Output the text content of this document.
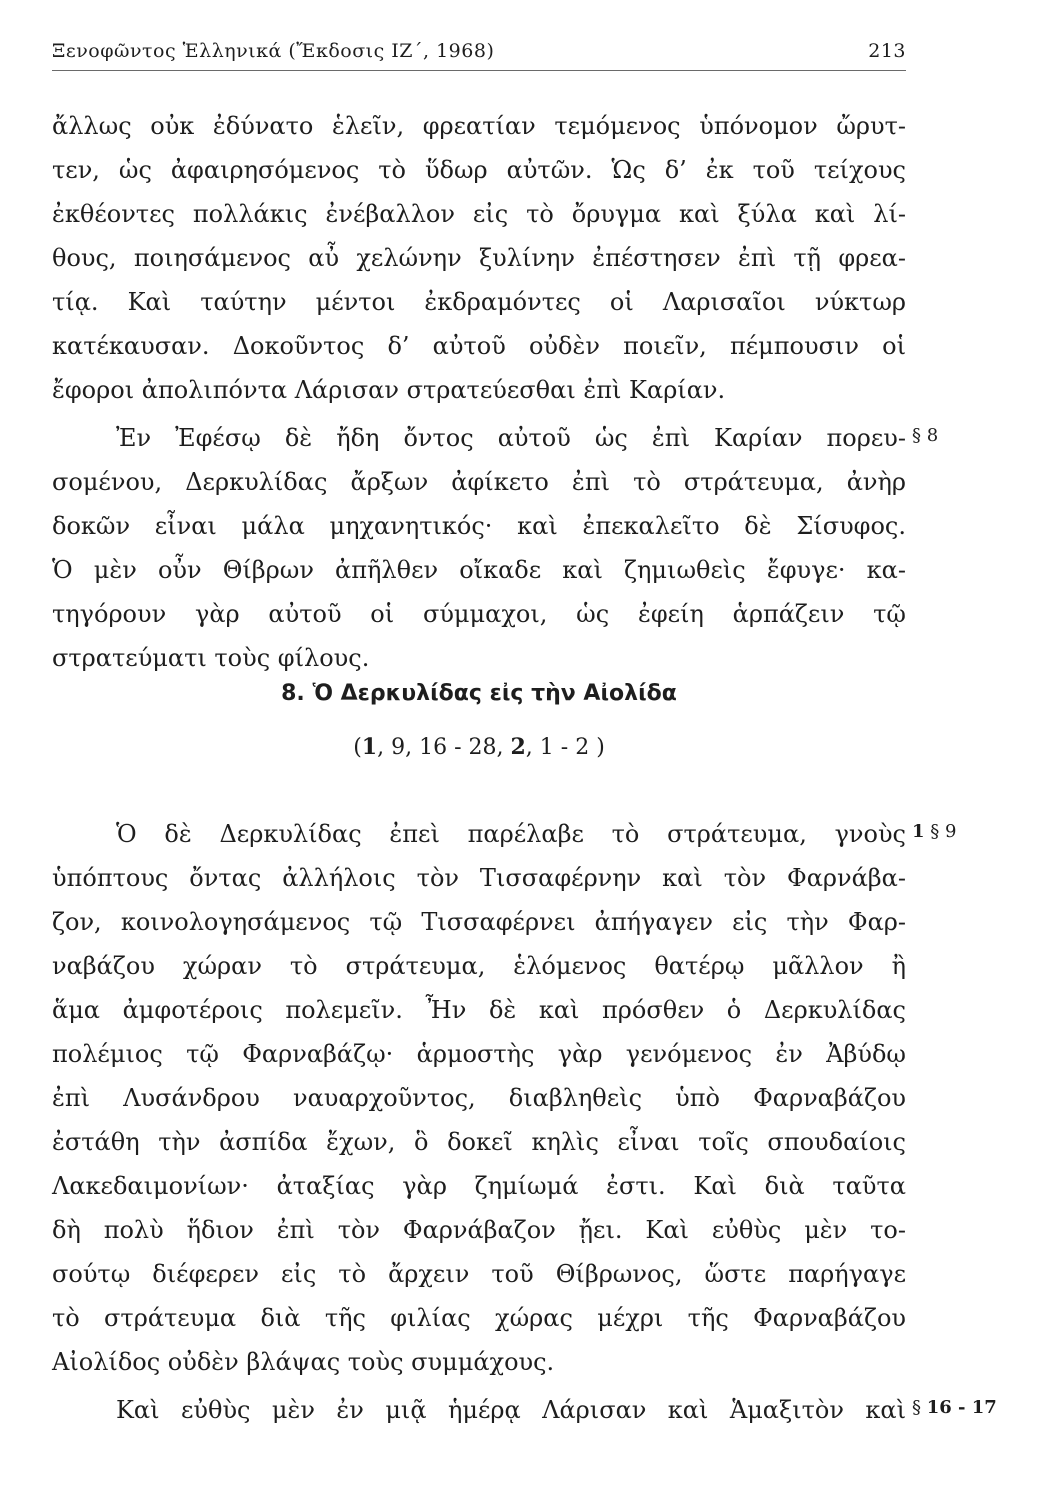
Ξενοφῶντος Ἑλληνικά (Ἔκδοσις ΙΖ΄, 1968)	213
ἄλλως οὐκ ἐδύνατο ἑλεῖν, φρεατίαν τεμόμενος ὑπόνομον ὤρυτ-
τεν, ὡς ἀφαιρησόμενος τὸ ὕδωρ αὐτῶν. Ὡς δ’ ἐκ τοῦ τείχους
ἐκθέοντες πολλάκις ἐνέβαλλον εἰς τὸ ὄρυγμα καὶ ξύλα καὶ λί-
θους, ποιησάμενος αὖ χελώνην ξυλίνην ἐπέστησεν ἐπὶ τῇ φρεα-
τίᾳ. Καὶ ταύτην μέντοι ἐκδραμόντες οἱ Λαρισαῖοι νύκτωρ
κατέκαυσαν. Δοκοῦντος δ’ αὐτοῦ οὐδὲν ποιεῖν, πέμπουσιν οἱ
ἔφοροι ἀπολιπόντα Λάρισαν στρατεύεσθαι ἐπὶ Καρίαν.
Ἐν Ἐφέσῳ δὲ ἤδη ὄντος αὐτοῦ ὡς ἐπὶ Καρίαν πορευ-
σομένου, Δερκυλίδας ἄρξων ἀφίκετο ἐπὶ τὸ στράτευμα, ἀνὴρ
δοκῶν εἶναι μάλα μηχανητικός· καὶ ἐπεκαλεῖτο δὲ Σίσυφος.
Ὁ μὲν οὖν Θίβρων ἀπῆλθεν οἴκαδε καὶ ζημιωθεὶς ἔφυγε· κα-
τηγόρουν γὰρ αὐτοῦ οἱ σύμμαχοι, ὡς ἐφείη ἁρπάζειν τῷ
στρατεύματι τοὺς φίλους.
§ 8
8. Ὁ Δερκυλίδας εἰς τὴν Αἰολίδα
(1, 9, 16 - 28, 2, 1 - 2 )
Ὁ δὲ Δερκυλίδας ἐπεὶ παρέλαβε τὸ στράτευμα, γνοὺς
ὑπόπτους ὄντας ἀλλήλοις τὸν Τισσαφέρνην καὶ τὸν Φαρνάβα-
ζον, κοινολογησάμενος τῷ Τισσαφέρνει ἀπήγαγεν εἰς τὴν Φαρ-
ναβάζου χώραν τὸ στράτευμα, ἑλόμενος θατέρῳ μᾶλλον ἢ
ἅμα ἀμφοτέροις πολεμεῖν. Ἦν δὲ καὶ πρόσθεν ὁ Δερκυλίδας
πολέμιος τῷ Φαρναβάζῳ· ἁρμοστὴς γὰρ γενόμενος ἐν Ἀβύδῳ
ἐπὶ Λυσάνδρου ναυαρχοῦντος, διαβληθεὶς ὑπὸ Φαρναβάζου
ἐστάθη τὴν ἀσπίδα ἔχων, ὃ δοκεῖ κηλὶς εἶναι τοῖς σπουδαίοις
Λακεδαιμονίων· ἀταξίας γὰρ ζημίωμά ἐστι. Καὶ διὰ ταῦτα
δὴ πολὺ ἥδιον ἐπὶ τὸν Φαρνάβαζον ᾔει. Καὶ εὐθὺς μὲν το-
σούτῳ διέφερεν εἰς τὸ ἄρχειν τοῦ Θίβρωνος, ὥστε παρήγαγε
τὸ στράτευμα διὰ τῆς φιλίας χώρας μέχρι τῆς Φαρναβάζου
Αἰολίδος οὐδὲν βλάψας τοὺς συμμάχους.
1 § 9
Καὶ εὐθὺς μὲν ἐν μιᾷ ἡμέρᾳ Λάρισαν καὶ Ἁμαξιτὸν καὶ § 16 - 17
